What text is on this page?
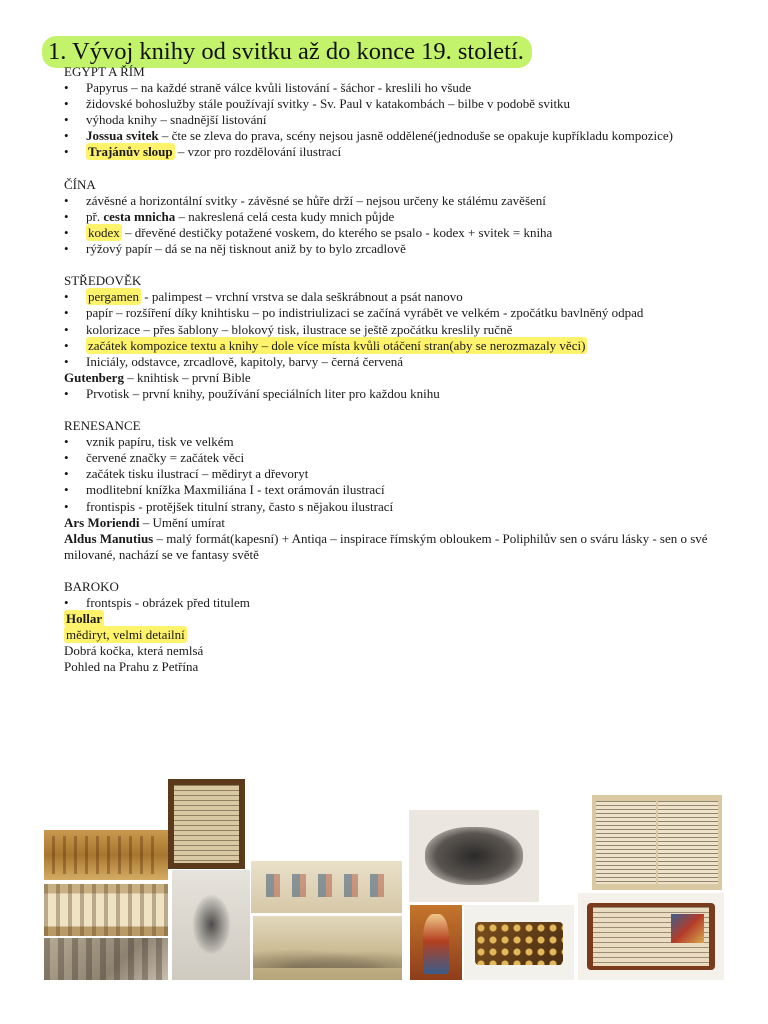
1. Vývoj knihy od svitku až do konce 19. století.
EGYPT A ŘÍM
• Papyrus – na každé straně válce kvůli listování - šáchor - kreslili ho všude
• židovské bohoslužby stále používají svitky - Sv. Paul v katakombách – bilbe v podobě svitku
• výhoda knihy – snadnější listování
• Jossua svitek – čte se zleva do prava, scény nejsou jasně oddělené(jednoduše se opakuje kupříkladu kompozice)
• Trajánův sloup – vzor pro rozdělování ilustrací
ČÍNA
• závěsné a horizontální svitky - závěsné se hůře drží – nejsou určeny ke stálému zavěšení
• př. cesta mnicha – nakreslená celá cesta kudy mnich půjde
• kodex – dřevěné destičky potažené voskem, do kterého se psalo - kodex + svitek = kniha
• rýžový papír – dá se na něj tisknout aniž by to bylo zrcadlově
STŘEDOVĚK
• pergamen - palimpest – vrchní vrstva se dala seškrábnout a psát nanovo
• papír – rozšíření díky knihtisku – po indistriulizaci se začíná vyrábět ve velkém - zpočátku bavlněný odpad
• kolorizace – přes šablony – blokový tisk, ilustrace se ještě zpočátku kreslily ručně
• začátek kompozice textu a knihy – dole více místa kvůli otáčení stran(aby se nerozmazaly věci)
• Iniciály, odstavce, zrcadlově, kapitoly, barvy – černá červená
Gutenberg – knihtisk – první Bible
• Prvotisk – první knihy, používání speciálních liter pro každou knihu
RENESANCE
• vznik papíru, tisk ve velkém
• červené značky = začátek věci
• začátek tisku ilustrací – mědiryt a dřevoryt
• modlitební knížka Maxmiliána I - text orámován ilustrací
• frontispis - protějšek titulní strany, často s nějakou ilustrací
Ars Moriendi – Umění umírat
Aldus Manutius – malý formát(kapesní) + Antiqa – inspirace římským obloukem - Poliphilův sen o sváru lásky - sen o své milované, nachází se ve fantasy světě
BAROKO
• frontspis - obrázek před titulem
Hollar
mědiryt, velmi detailní
Dobrá kočka, která nemlsá
Pohled na Prahu z Petřína
